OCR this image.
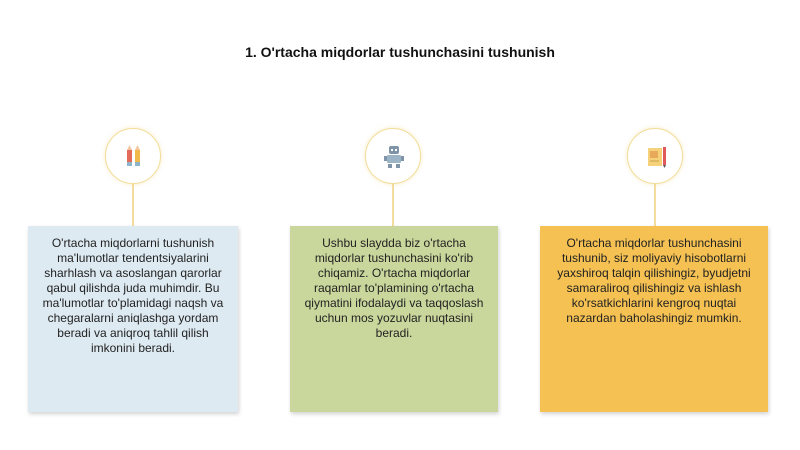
1. O'rtacha miqdorlar tushunchasini tushunish
O'rtacha miqdorlarni tushunish ma'lumotlar tendentsiyalarini sharhlash va asoslangan qarorlar qabul qilishda juda muhimdir. Bu ma'lumotlar to'plamidagi naqsh va chegaralarni aniqlashga yordam beradi va aniqroq tahlil qilish imkonini beradi.
Ushbu slaydda biz o'rtacha miqdorlar tushunchasini ko'rib chiqamiz. O'rtacha miqdorlar raqamlar to'plamining o'rtacha qiymatini ifodalaydi va taqqoslash uchun mos yozuvlar nuqtasini beradi.
O'rtacha miqdorlar tushunchasini tushunib, siz moliyaviy hisobotlarni yaxshiroq talqin qilishingiz, byudjetni samaraliroq qilishingiz va ishlash ko'rsatkichlarini kengroq nuqtai nazardan baholashingiz mumkin.
